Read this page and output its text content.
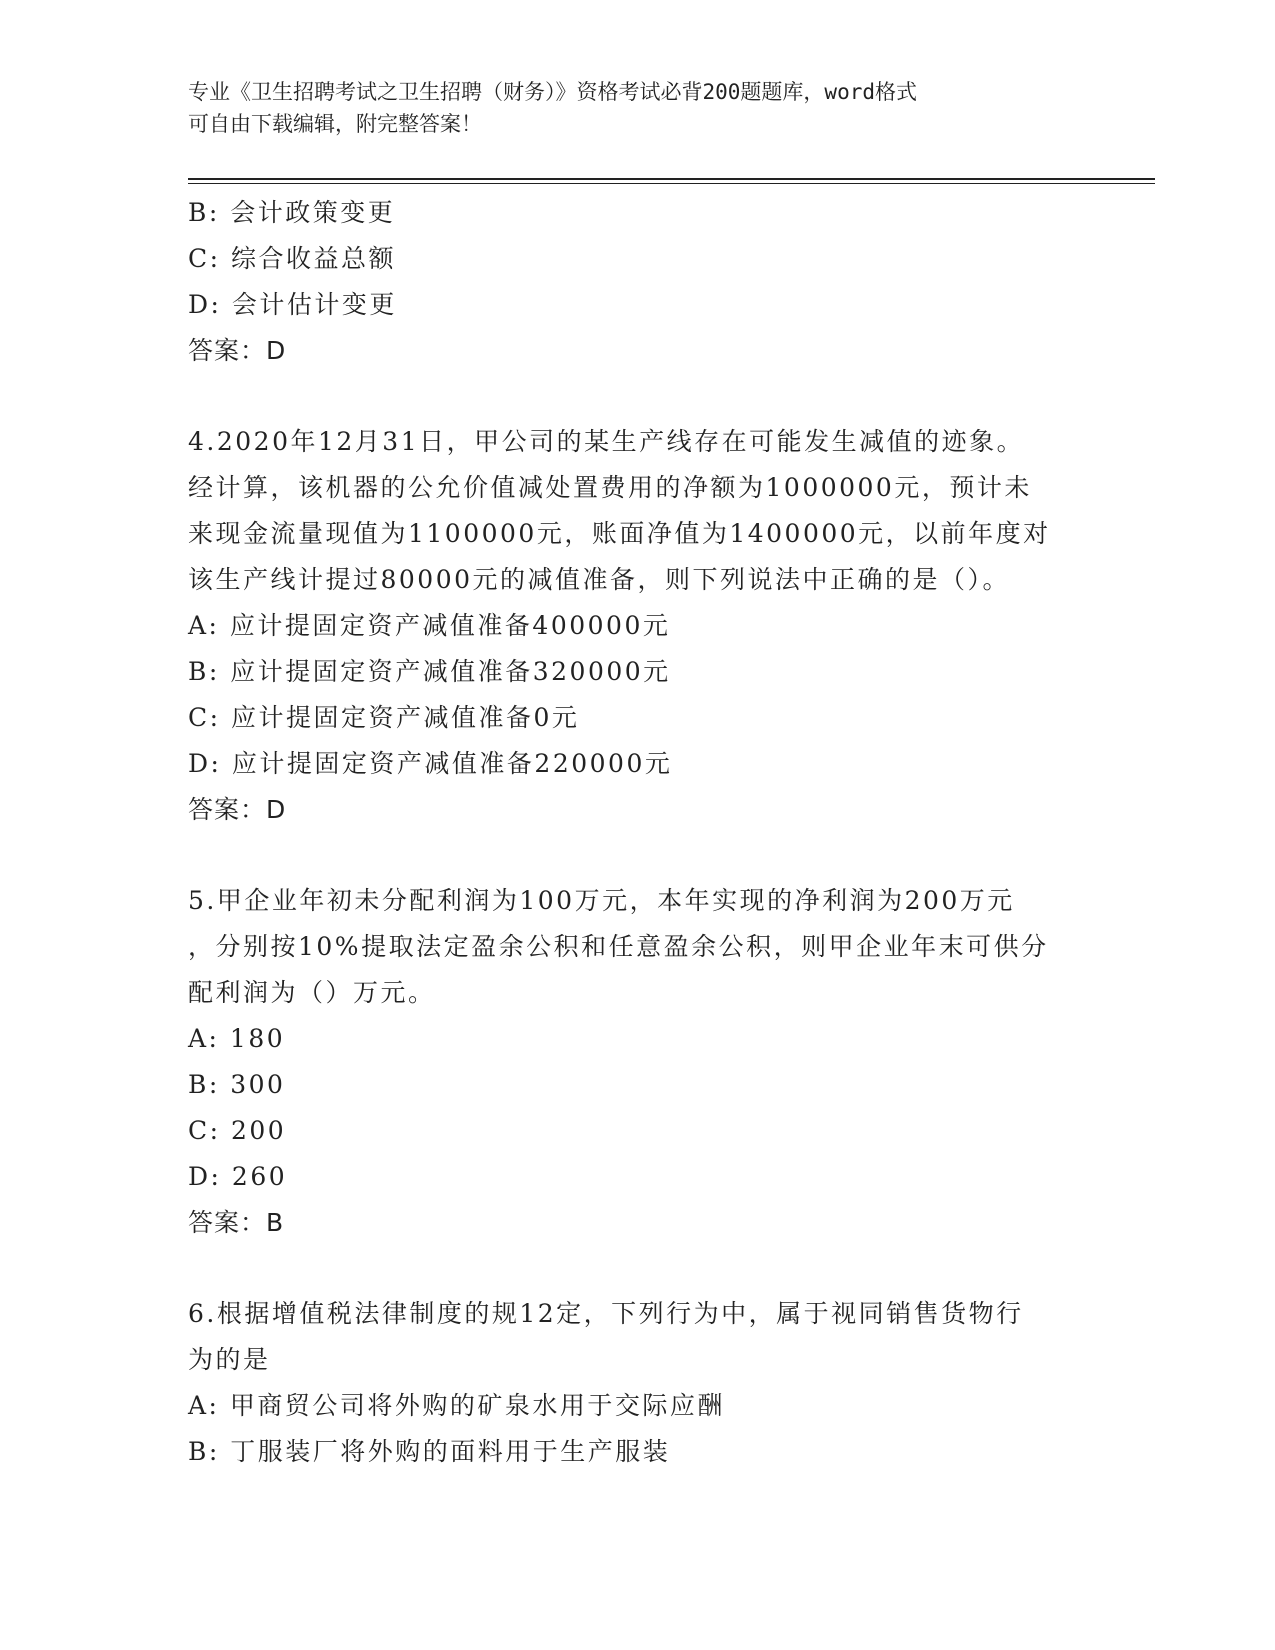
专业《卫生招聘考试之卫生招聘（财务）》资格考试必背200题题库，word格式
可自由下载编辑，附完整答案！
B: 会计政策变更
C: 综合收益总额
D: 会计估计变更
答案：D
4.2020年12月31日，甲公司的某生产线存在可能发生减值的迹象。
经计算，该机器的公允价值减处置费用的净额为1000000元，预计未
来现金流量现值为1100000元，账面净值为1400000元，以前年度对
该生产线计提过80000元的减值准备，则下列说法中正确的是（）。
A: 应计提固定资产减值准备400000元
B: 应计提固定资产减值准备320000元
C: 应计提固定资产减值准备0元
D: 应计提固定资产减值准备220000元
答案：D
5.甲企业年初未分配利润为100万元，本年实现的净利润为200万元
，分别按10%提取法定盈余公积和任意盈余公积，则甲企业年末可供分
配利润为（）万元。
A: 180
B: 300
C: 200
D: 260
答案：B
6.根据增值税法律制度的规12定，下列行为中，属于视同销售货物行
为的是
A: 甲商贸公司将外购的矿泉水用于交际应酬
B: 丁服装厂将外购的面料用于生产服装
